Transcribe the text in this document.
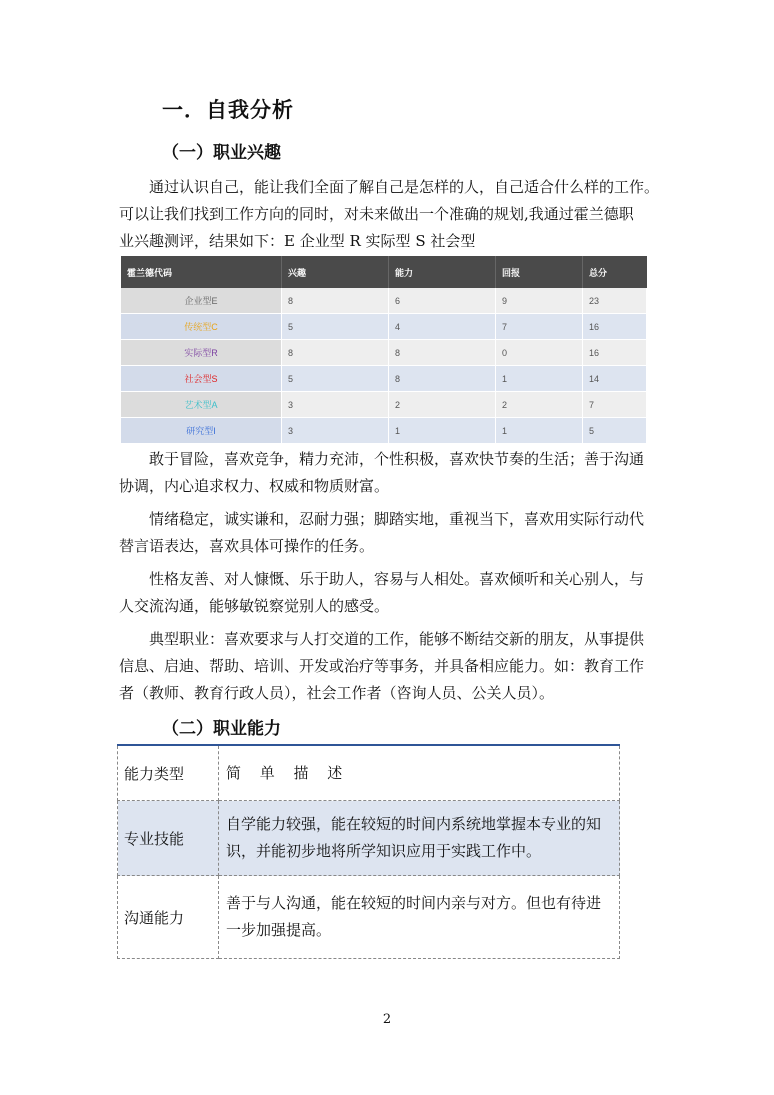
一．自我分析
（一）职业兴趣

通过认识自己，能让我们全面了解自己是怎样的人，自己适合什么样的工作。
可以让我们找到工作方向的同时，对未来做出一个准确的规划,我通过霍兰德职
业兴趣测评，结果如下：E 企业型 R 实际型 S 社会型

霍兰德代码	兴趣	能力	回报	总分
企业型E	8	6	9	23
传统型C	5	4	7	16
实际型R	8	8	0	16
社会型S	5	8	1	14
艺术型A	3	2	2	7
研究型I	3	1	1	5

敢于冒险，喜欢竞争，精力充沛，个性积极，喜欢快节奏的生活；善于沟通
协调，内心追求权力、权威和物质财富。

情绪稳定，诚实谦和，忍耐力强；脚踏实地，重视当下，喜欢用实际行动代
替言语表达，喜欢具体可操作的任务。

性格友善、对人慷慨、乐于助人，容易与人相处。喜欢倾听和关心别人，与
人交流沟通，能够敏锐察觉别人的感受。

典型职业：喜欢要求与人打交道的工作，能够不断结交新的朋友，从事提供
信息、启迪、帮助、培训、开发或治疗等事务，并具备相应能力。如：教育工作
者（教师、教育行政人员），社会工作者（咨询人员、公关人员）。

（二）职业能力
能力类型	简 单 描 述
专业技能	自学能力较强，能在较短的时间内系统地掌握本专业的知
识，并能初步地将所学知识应用于实践工作中。

沟通能力	善于与人沟通，能在较短的时间内亲与对方。但也有待进
一步加强提高。
2
